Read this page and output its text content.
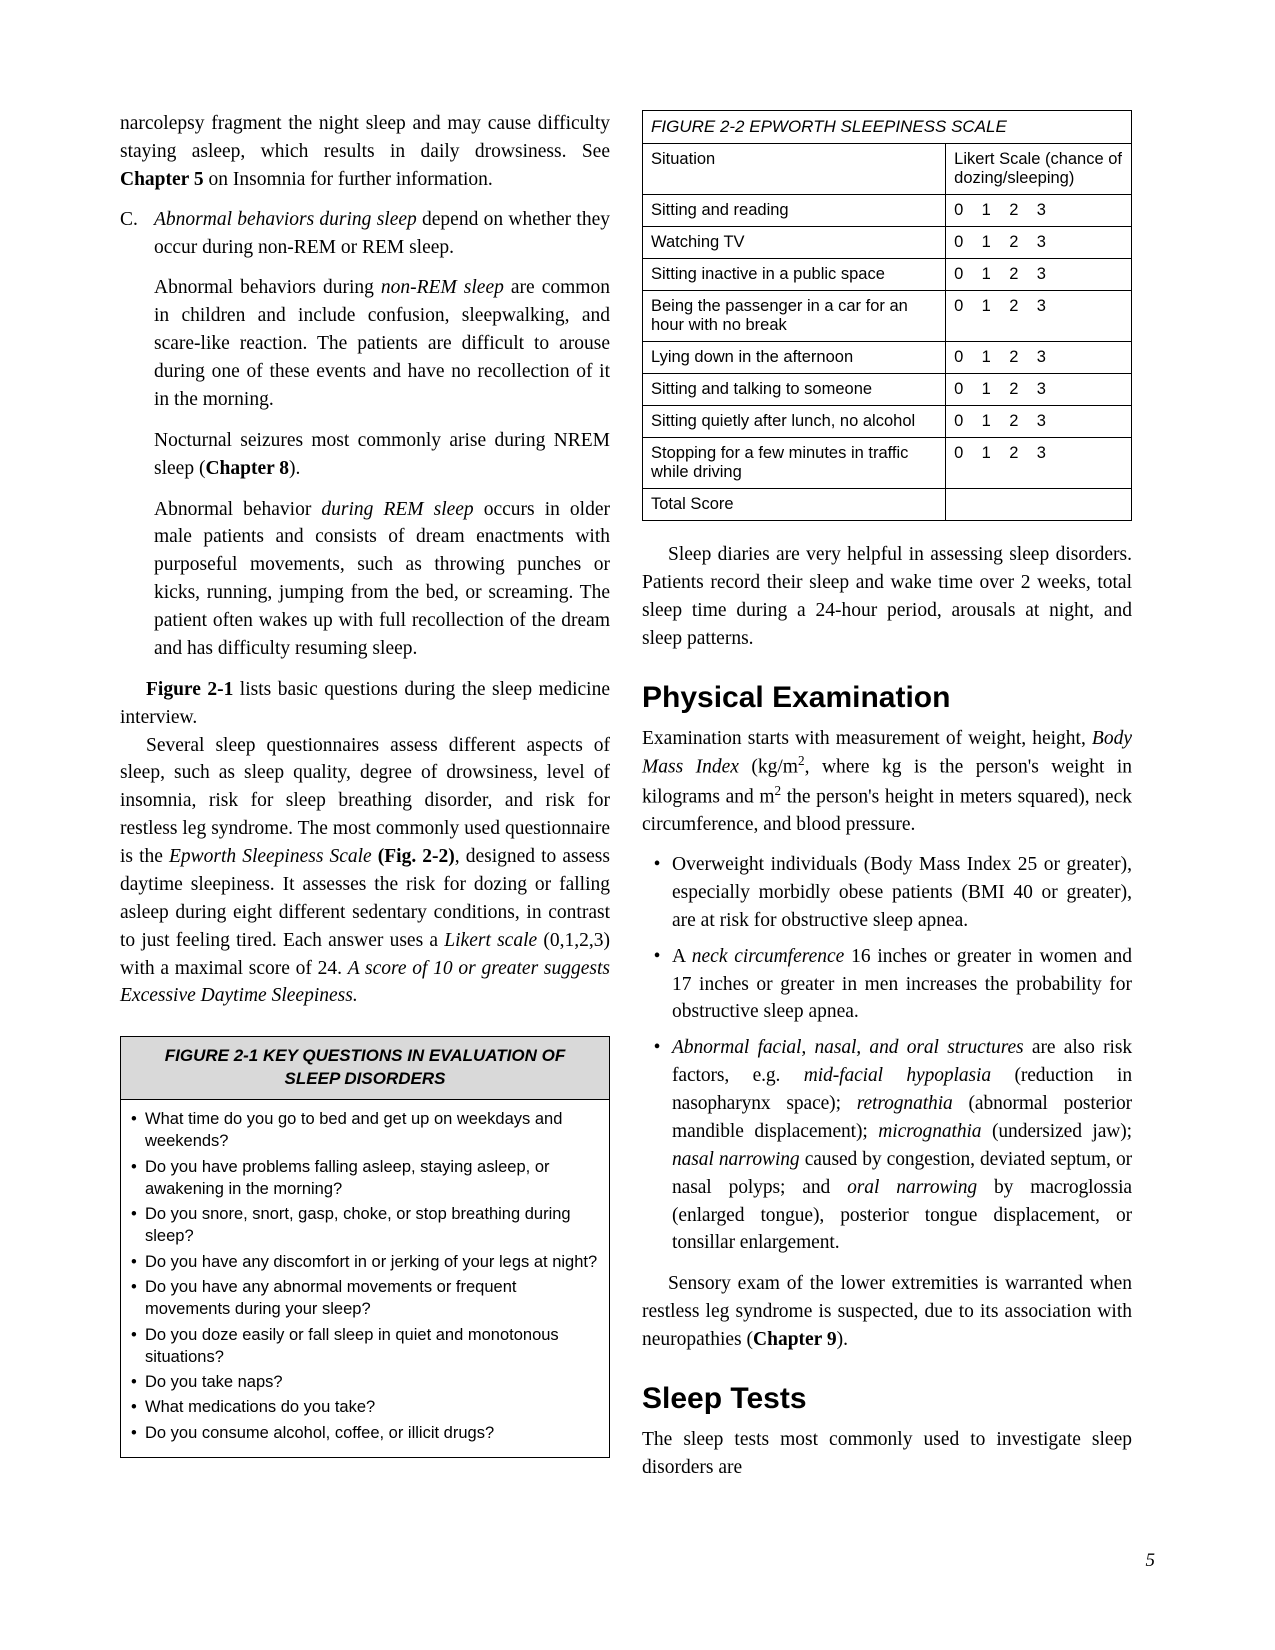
narcolepsy fragment the night sleep and may cause difficulty staying asleep, which results in daily drowsiness. See Chapter 5 on Insomnia for further information.

C. Abnormal behaviors during sleep depend on whether they occur during non-REM or REM sleep.

Abnormal behaviors during non-REM sleep are common in children and include confusion, sleepwalking, and scare-like reaction. The patients are difficult to arouse during one of these events and have no recollection of it in the morning.

Nocturnal seizures most commonly arise during NREM sleep (Chapter 8).

Abnormal behavior during REM sleep occurs in older male patients and consists of dream enactments with purposeful movements, such as throwing punches or kicks, running, jumping from the bed, or screaming. The patient often wakes up with full recollection of the dream and has difficulty resuming sleep.

Figure 2-1 lists basic questions during the sleep medicine interview.

Several sleep questionnaires assess different aspects of sleep, such as sleep quality, degree of drowsiness, level of insomnia, risk for sleep breathing disorder, and risk for restless leg syndrome. The most commonly used questionnaire is the Epworth Sleepiness Scale (Fig. 2-2), designed to assess daytime sleepiness. It assesses the risk for dozing or falling asleep during eight different sedentary conditions, in contrast to just feeling tired. Each answer uses a Likert scale (0,1,2,3) with a maximal score of 24. A score of 10 or greater suggests Excessive Daytime Sleepiness.

FIGURE 2-1 KEY QUESTIONS IN EVALUATION OF SLEEP DISORDERS
• What time do you go to bed and get up on weekdays and weekends?
• Do you have problems falling asleep, staying asleep, or awakening in the morning?
• Do you snore, snort, gasp, choke, or stop breathing during sleep?
• Do you have any discomfort in or jerking of your legs at night?
• Do you have any abnormal movements or frequent movements during your sleep?
• Do you doze easily or fall sleep in quiet and monotonous situations?
• Do you take naps?
• What medications do you take?
• Do you consume alcohol, coffee, or illicit drugs?
FIGURE 2-2 EPWORTH SLEEPINESS SCALE	
Situation	Likert Scale (chance of dozing/sleeping)
Sitting and reading	0    1    2    3
Watching TV	0    1    2    3
Sitting inactive in a public space	0    1    2    3
Being the passenger in a car for an hour with no break	0    1    2    3
Lying down in the afternoon	0    1    2    3
Sitting and talking to someone	0    1    2    3
Sitting quietly after lunch, no alcohol	0    1    2    3
Stopping for a few minutes in traffic while driving	0    1    2    3
Total Score	

Sleep diaries are very helpful in assessing sleep disorders. Patients record their sleep and wake time over 2 weeks, total sleep time during a 24-hour period, arousals at night, and sleep patterns.

Physical Examination

Examination starts with measurement of weight, height, Body Mass Index ($kg/m^2$, where kg is the person's weight in kilograms and $m^2$ the person's height in meters squared), neck circumference, and blood pressure.

• Overweight individuals (Body Mass Index 25 or greater), especially morbidly obese patients (BMI 40 or greater), are at risk for obstructive sleep apnea.

• A neck circumference 16 inches or greater in women and 17 inches or greater in men increases the probability for obstructive sleep apnea.

• Abnormal facial, nasal, and oral structures are also risk factors, e.g. mid-facial hypoplasia (reduction in nasopharynx space); retrognathia (abnormal posterior mandible displacement); micrognathia (undersized jaw); nasal narrowing caused by congestion, deviated septum, or nasal polyps; and oral narrowing by macroglossia (enlarged tongue), posterior tongue displacement, or tonsillar enlargement.

Sensory exam of the lower extremities is warranted when restless leg syndrome is suspected, due to its association with neuropathies (Chapter 9).

Sleep Tests

The sleep tests most commonly used to investigate sleep disorders are

5
